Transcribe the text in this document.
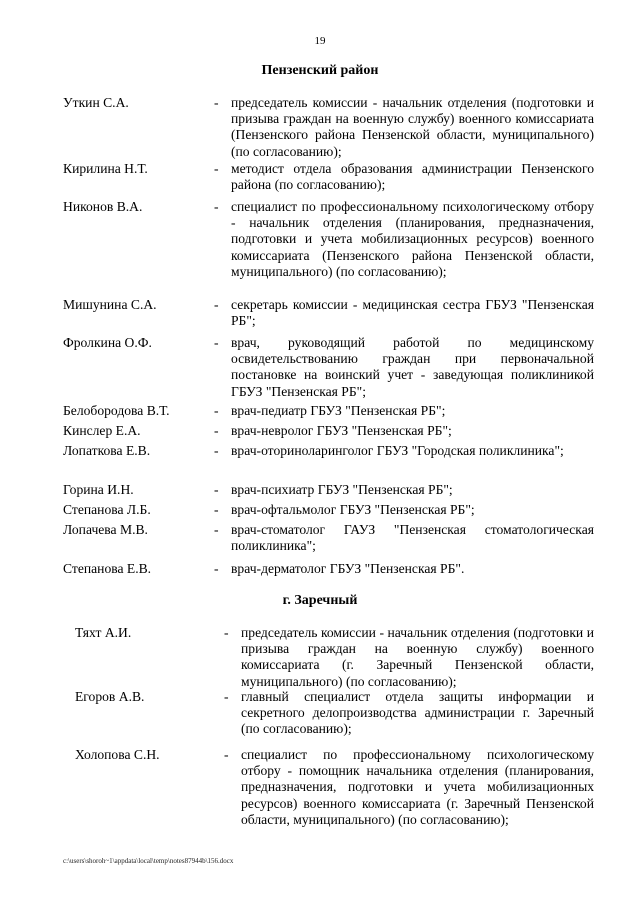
19
Пензенский район
Уткин С.А.	- председатель комиссии - начальник отделения (подготовки и призыва граждан на военную службу) военного комиссариата (Пензенского района Пензенской области, муниципального) (по согласованию);
Кирилина Н.Т.	- методист отдела образования администрации Пензенского района (по согласованию);
Никонов В.А.	- специалист по профессиональному психологическому отбору - начальник отделения (планирования, предназначения, подготовки и учета мобилизационных ресурсов) военного комиссариата (Пензенского района Пензенской области, муниципального) (по согласованию);
Мишунина С.А.	- секретарь комиссии - медицинская сестра ГБУЗ "Пензенская РБ";
Фролкина О.Ф.	- врач, руководящий работой по медицинскому освидетельствованию граждан при первоначальной постановке на воинский учет - заведующая поликлиникой ГБУЗ "Пензенская РБ";
Белобородова В.Т.	- врач-педиатр ГБУЗ "Пензенская РБ";
Кинслер Е.А.	- врач-невролог ГБУЗ "Пензенская РБ";
Лопаткова Е.В.	- врач-оториноларинголог ГБУЗ "Городская поликлиника";
Горина И.Н.	- врач-психиатр ГБУЗ "Пензенская РБ";
Степанова Л.Б.	- врач-офтальмолог ГБУЗ "Пензенская РБ";
Лопачева М.В.	- врач-стоматолог ГАУЗ "Пензенская стоматологическая поликлиника";
Степанова Е.В.	- врач-дерматолог ГБУЗ "Пензенская РБ".
г. Заречный
Тяхт А.И.	- председатель комиссии - начальник отделения (подготовки и призыва граждан на военную службу) военного комиссариата (г. Заречный Пензенской области, муниципального) (по согласованию);
Егоров А.В.	- главный специалист отдела защиты информации и секретного делопроизводства администрации г. Заречный (по согласованию);
Холопова С.Н.	- специалист по профессиональному психологическому отбору - помощник начальника отделения (планирования, предназначения, подготовки и учета мобилизационных ресурсов) военного комиссариата (г. Заречный Пензенской области, муниципального) (по согласованию);
c:\users\shoroh~1\appdata\local\temp\notes87944b\156.docx
